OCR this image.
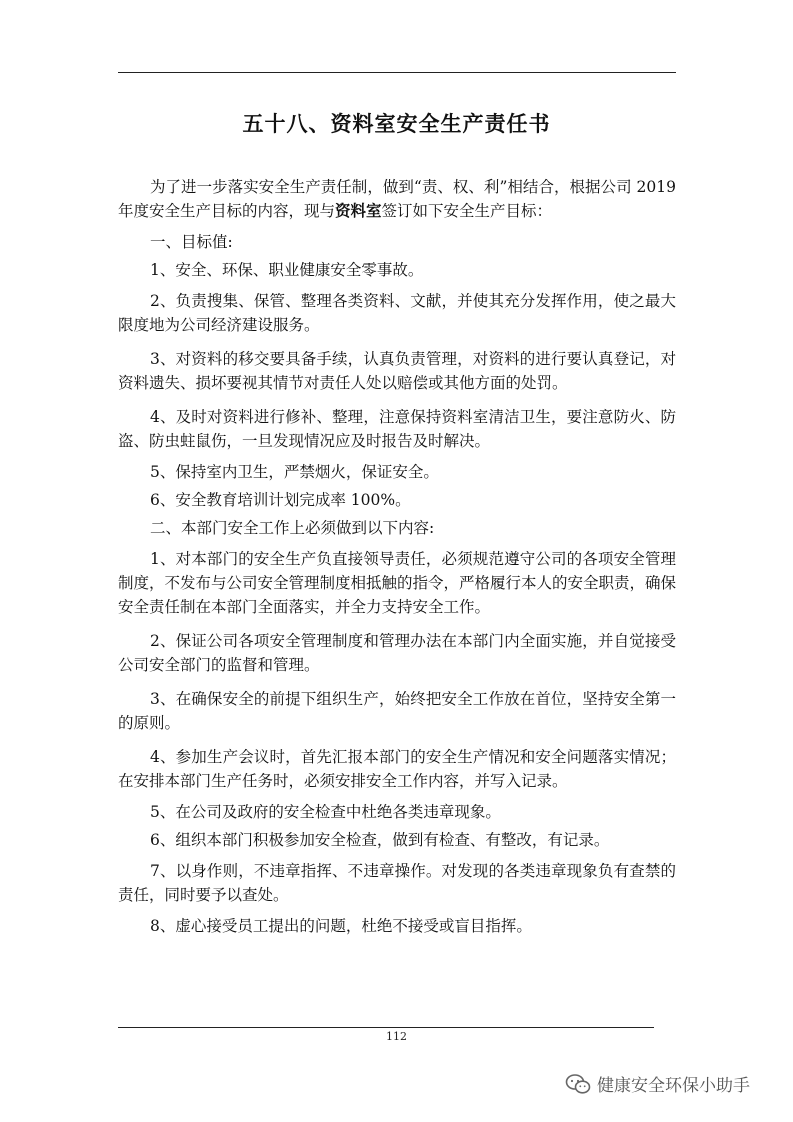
五十八、资料室安全生产责任书

为了进一步落实安全生产责任制，做到“责、权、利”相结合，根据公司 2019 年度安全生产目标的内容，现与资料室签订如下安全生产目标：

一、目标值:

1、安全、环保、职业健康安全零事故。

2、负责搜集、保管、整理各类资料、文献，并使其充分发挥作用，使之最大限度地为公司经济建设服务。

3、对资料的移交要具备手续，认真负责管理，对资料的进行要认真登记，对资料遗失、损坏要视其情节对责任人处以赔偿或其他方面的处罚。

4、及时对资料进行修补、整理，注意保持资料室清洁卫生，要注意防火、防盗、防虫蛀鼠伤，一旦发现情况应及时报告及时解决。

5、保持室内卫生，严禁烟火，保证安全。

6、安全教育培训计划完成率 100%。

二、本部门安全工作上必须做到以下内容:

1、对本部门的安全生产负直接领导责任，必须规范遵守公司的各项安全管理制度，不发布与公司安全管理制度相抵触的指令，严格履行本人的安全职责，确保安全责任制在本部门全面落实，并全力支持安全工作。

2、保证公司各项安全管理制度和管理办法在本部门内全面实施，并自觉接受公司安全部门的监督和管理。

3、在确保安全的前提下组织生产，始终把安全工作放在首位，坚持安全第一的原则。

4、参加生产会议时，首先汇报本部门的安全生产情况和安全问题落实情况；在安排本部门生产任务时，必须安排安全工作内容，并写入记录。

5、在公司及政府的安全检查中杜绝各类违章现象。

6、组织本部门积极参加安全检查，做到有检查、有整改，有记录。

7、以身作则，不违章指挥、不违章操作。对发现的各类违章现象负有查禁的责任，同时要予以查处。

8、虚心接受员工提出的问题，杜绝不接受或盲目指挥。

112
健康安全环保小助手
